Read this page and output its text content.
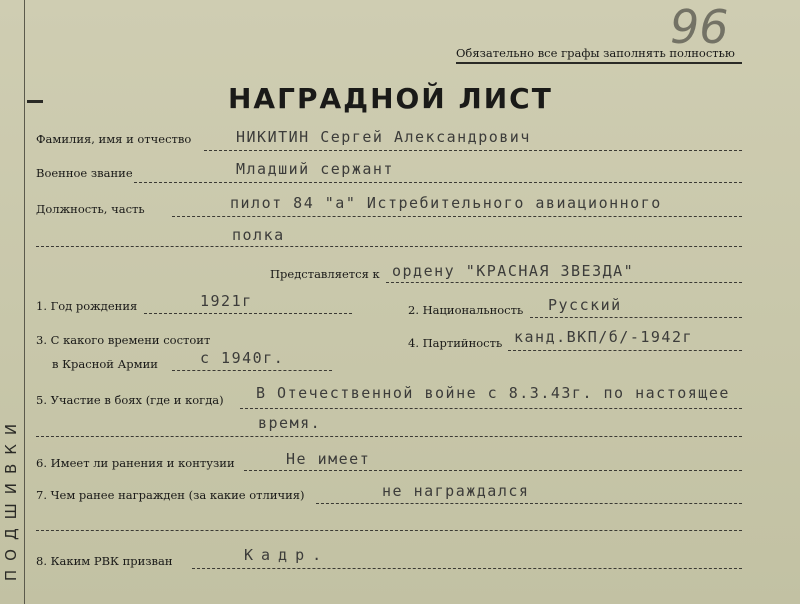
ПОДШИВКИ
96
Обязательно все графы заполнять полностью
НАГРАДНОЙ ЛИСТ
Фамилия, имя и отчество	НИКИТИН Сергей Александрович
Военное звание	Младший сержант
Должность, часть	пилот 84 "а" Истребительного авиационного
полка
Представляется к ордену "КРАСНАЯ ЗВЕЗДА"
1. Год рождения	1921г	2. Национальность Русский
3. С какого времени состоит
в Красной Армии	с 1940г.
4. Партийность канд.ВКП/б/-1942г
5. Участие в боях (где и когда) В Отечественной войне с 8.3.43г. по настоящее
время.
6. Имеет ли ранения и контузии	Не имеет
7. Чем ранее награжден (за какие отличия)	не награждался
8. Каким РВК призван	Кадр.
